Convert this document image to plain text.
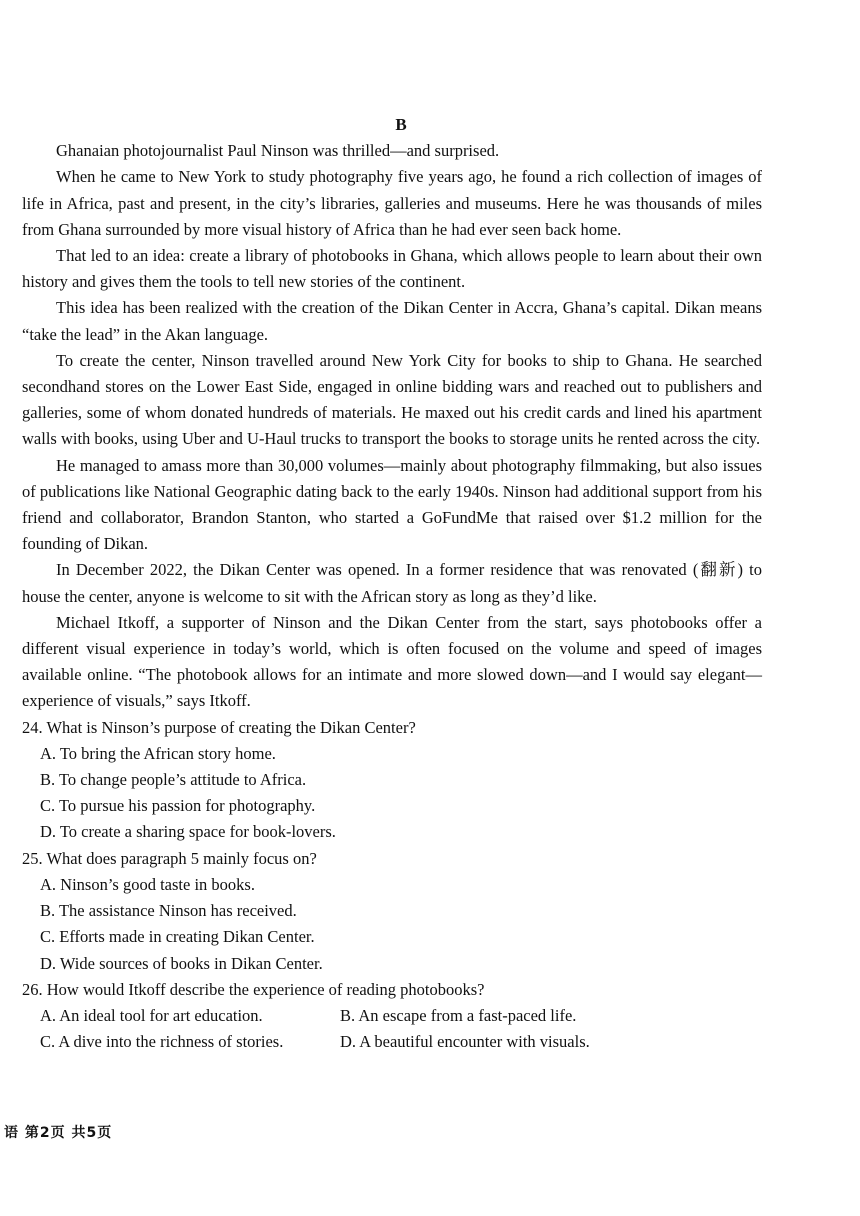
B

Ghanaian photojournalist Paul Ninson was thrilled—and surprised.

When he came to New York to study photography five years ago, he found a rich collection of images of life in Africa, past and present, in the city’s libraries, galleries and museums. Here he was thousands of miles from Ghana surrounded by more visual history of Africa than he had ever seen back home.

That led to an idea: create a library of photobooks in Ghana, which allows people to learn about their own history and gives them the tools to tell new stories of the continent.

This idea has been realized with the creation of the Dikan Center in Accra, Ghana’s capital. Dikan means “take the lead” in the Akan language.

To create the center, Ninson travelled around New York City for books to ship to Ghana. He searched secondhand stores on the Lower East Side, engaged in online bidding wars and reached out to publishers and galleries, some of whom donated hundreds of materials. He maxed out his credit cards and lined his apartment walls with books, using Uber and U-Haul trucks to transport the books to storage units he rented across the city.

He managed to amass more than 30,000 volumes—mainly about photography filmmaking, but also issues of publications like National Geographic dating back to the early 1940s. Ninson had additional support from his friend and collaborator, Brandon Stanton, who started a GoFundMe that raised over $1.2 million for the founding of Dikan.

In December 2022, the Dikan Center was opened. In a former residence that was renovated (翻新) to house the center, anyone is welcome to sit with the African story as long as they’d like.

Michael Itkoff, a supporter of Ninson and the Dikan Center from the start, says photobooks offer a different visual experience in today’s world, which is often focused on the volume and speed of images available online. “The photobook allows for an intimate and more slowed down—and I would say elegant—experience of visuals,” says Itkoff.

24. What is Ninson’s purpose of creating the Dikan Center?
A. To bring the African story home.
B. To change people’s attitude to Africa.
C. To pursue his passion for photography.
D. To create a sharing space for book-lovers.
25. What does paragraph 5 mainly focus on?
A. Ninson’s good taste in books.
B. The assistance Ninson has received.
C. Efforts made in creating Dikan Center.
D. Wide sources of books in Dikan Center.
26. How would Itkoff describe the experience of reading photobooks?
A. An ideal tool for art education.	B. An escape from a fast-paced life.
C. A dive into the richness of stories.	D. A beautiful encounter with visuals.
语 第2页 共5页
